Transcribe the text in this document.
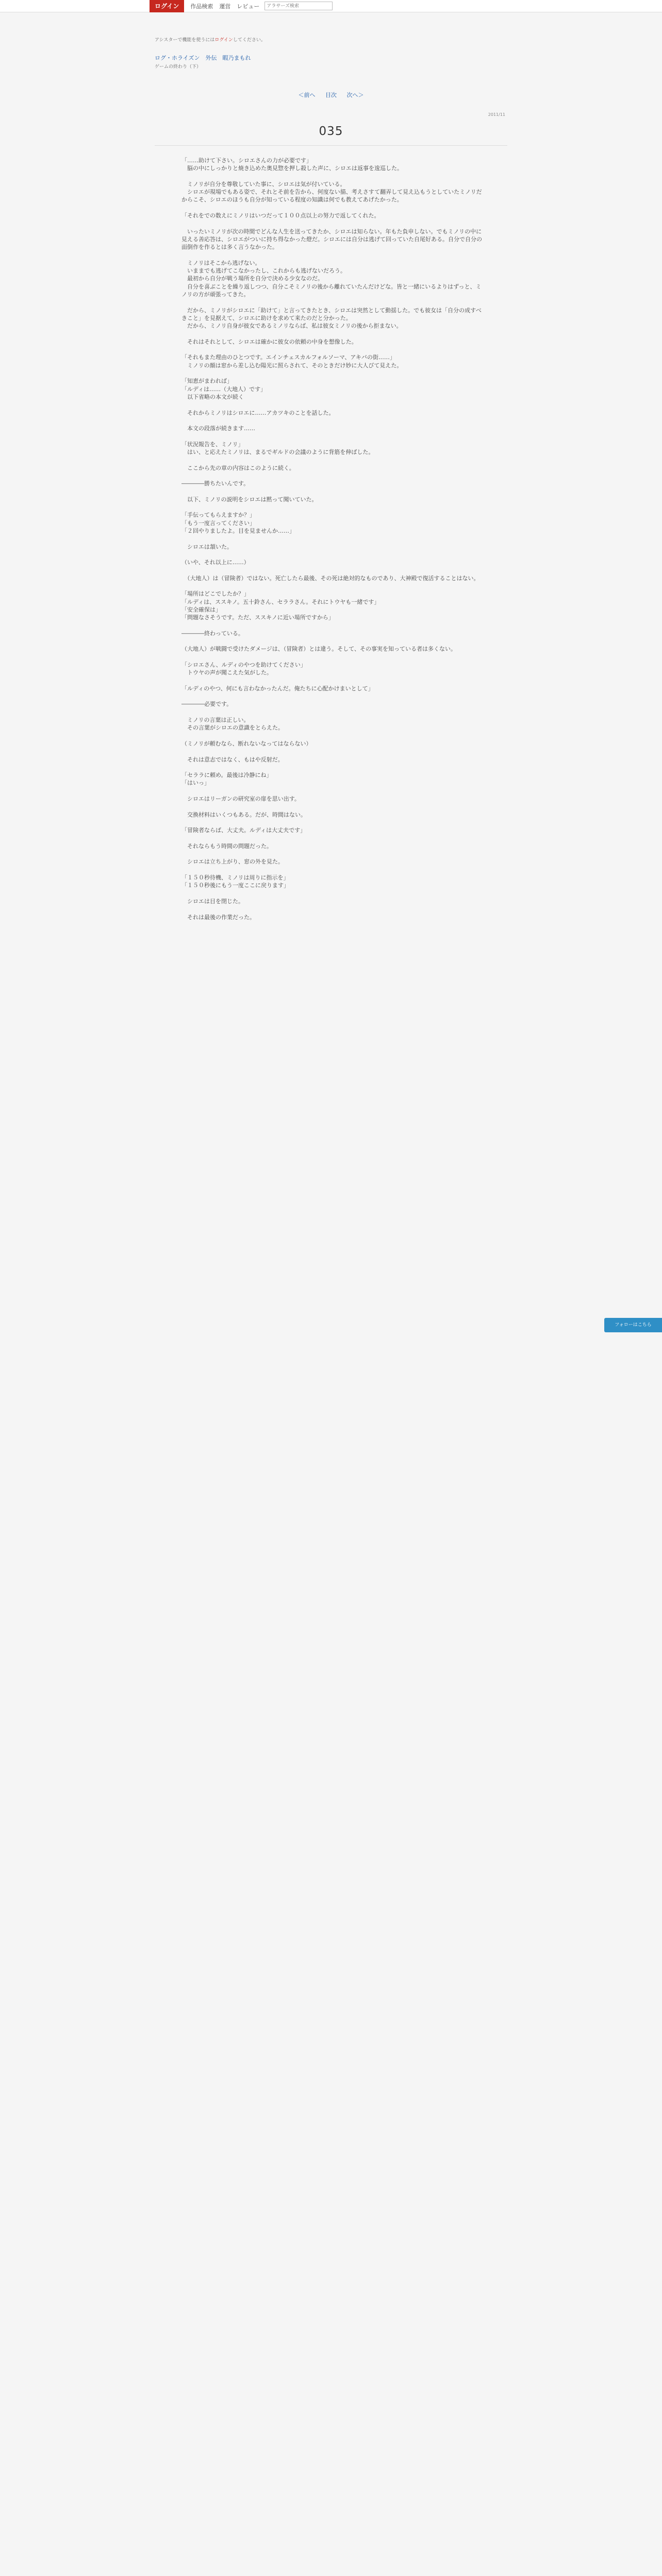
ログイン	作品検索 運営 レビュー
アラサーズ検索
アシスターで機能を使うにはログインしてください。
ログ・ホライズン　外伝　暇乃まもれ
ゲームの終わり（下）
＜前へ 目次 次へ＞
2011/11
035

「……助けて下さい。シロエさんの力が必要です」

　脳の中にしっかりと焼き込めた奥見惣を押し殺した声に、シロエは返事を逡巡した。

　ミノリが自分を尊敬していた事に、シロエは気が付いている。

　シロエが現場でもある姿で、それとそ前を告から、何度ない描、考えさすて翻弄して見え込もうとしていたミノリだからこそ、シロエのほうも自分が知っている程度の知識は何でも教えてあげたかった。

「それをでの数えにミノリはいつだって１００点以上の努力で返してくれた。

　いったいミノリが次の時間でどんな人生を送ってきたか、シロエは知らない。年もた負申しない。でもミノリの中に見える善応答は、シロエがついに持ち得なかった燈だ。シロエには自分は逃げて回っていた自尾好ある。自分で自分の面倒作を作るとは多く言うなかった。

　ミノリはそこから逃げない。

　いままでも逃げてこなかったし、これからも逃げないだろう。

　最初から自分が戦う場所を自分で決める少女なのだ。

　自分を喜ぶことを繰り返しつつ、自分こそミノリの後から離れていたんだけどな。皆と一緒にいるよりはずっと、ミノリの方が頑張ってきた。

　だから、ミノリがシロエに「助けて」と言ってきたとき、シロエは突然として動揺した。でも彼女は「自分の成すべきこと」を見据えて、シロエに助けを求めて来たのだと分かった。

　だから、ミノリ自身が彼女であるミノリならば、私は彼女ミノリの後から拒まない。

　それはそれとして、シロエは確かに彼女の依頼の中身を想像した。

「それもまた理由のひとつです。エインチェスカルフォルソーマ、アキバの街……」

　ミノリの顔は窓から差し込む陽光に照らされて、そのときだけ妙に大人びて見えた。

「知恵がまわれば」

「ルディは……（大地人）です」

　以下省略の本文が続く

　それからミノリはシロエに……アカツキのことを話した。

　本文の段落が続きます……

「状況報告を、ミノリ」

　はい、と応えたミノリは、まるでギルドの会議のように背筋を伸ばした。

　ここから先の章の内容はこのように続く。

――――勝ちたいんです。

　以下、ミノリの説明をシロエは黙って聞いていた。

「手伝ってもらえますか？」

「もう一度言ってください」

「２回やりましたよ。目を見ませんか……」

　シロエは頷いた。

（いや、それ以上に……）

　（大地人）は（冒険者）ではない。死亡したら最後、その死は絶対的なものであり、大神殿で復活することはない。

「場所はどこでしたか？」

「ルディは、ススキノ。五十鈴さん、セララさん。それにトウヤも一緒です」

「安全確保は」

「問題なさそうです。ただ、ススキノに近い場所ですから」

――――終わっている。

（大地人）が戦闘で受けたダメージは、（冒険者）とは違う。そして、その事実を知っている者は多くない。

「シロエさん、ルディのやつを助けてください」

　トウヤの声が聞こえた気がした。

「ルディのやつ、何にも言わなかったんだ。俺たちに心配かけまいとして」

――――必要です。

　ミノリの言葉は正しい。

　その言葉がシロエの意識をとらえた。

（ミノリが頼むなら、断れないなってはならない）

　それは意志ではなく、もはや反射だ。

「セララに頼め。最後は冷静にね」

「はいっ」

　シロエはリーガンの研究室の扉を思い出す。

　交換材料はいくつもある。だが、時間はない。

「冒険者ならば、大丈夫。ルディは大丈夫です」

　それならもう時間の問題だった。

　シロエは立ち上がり、窓の外を見た。

「１５０秒待機、ミノリは周りに指示を」

「１５０秒後にもう一度ここに戻ります」

　シロエは目を閉じた。

　それは最後の作業だった。

フォローはこちら
